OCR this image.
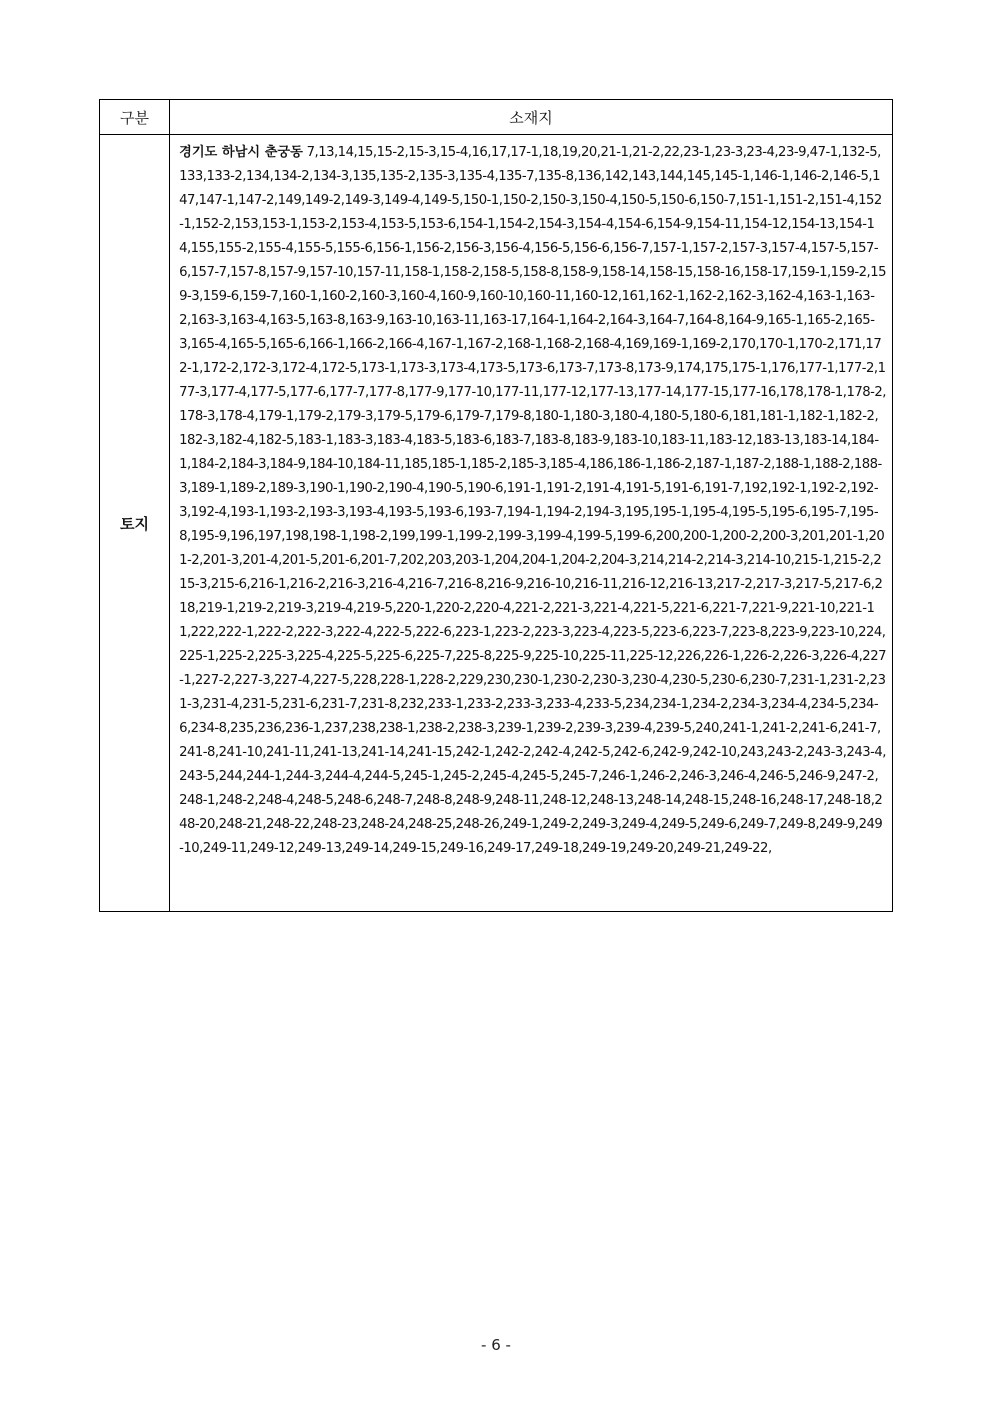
구분	소재지
토지	경기도 하남시 춘궁동 7,13,14,15,15-2,15-3,15-4,16,17,17-1,18,19,20,21-1,21-2,22,23-1,23-3,23-4,23-9,47-1,132-5,133,133-2,134,134-2,134-3,135,135-2,135-3,135-4,135-7,135-8,136,142,143,144,145,145-1,146-1,146-2,146-5,147,147-1,147-2,149,149-2,149-3,149-4,149-5,150-1,150-2,150-3,150-4,150-5,150-6,150-7,151-1,151-2,151-4,152-1,152-2,153,153-1,153-2,153-4,153-5,153-6,154-1,154-2,154-3,154-4,154-6,154-9,154-11,154-12,154-13,154-14,155,155-2,155-4,155-5,155-6,156-1,156-2,156-3,156-4,156-5,156-6,156-7,157-1,157-2,157-3,157-4,157-5,157-6,157-7,157-8,157-9,157-10,157-11,158-1,158-2,158-5,158-8,158-9,158-14,158-15,158-16,158-17,159-1,159-2,159-3,159-6,159-7,160-1,160-2,160-3,160-4,160-9,160-10,160-11,160-12,161,162-1,162-2,162-3,162-4,163-1,163-2,163-3,163-4,163-5,163-8,163-9,163-10,163-11,163-17,164-1,164-2,164-3,164-7,164-8,164-9,165-1,165-2,165-3,165-4,165-5,165-6,166-1,166-2,166-4,167-1,167-2,168-1,168-2,168-4,169,169-1,169-2,170,170-1,170-2,171,172-1,172-2,172-3,172-4,172-5,173-1,173-3,173-4,173-5,173-6,173-7,173-8,173-9,174,175,175-1,176,177-1,177-2,177-3,177-4,177-5,177-6,177-7,177-8,177-9,177-10,177-11,177-12,177-13,177-14,177-15,177-16,178,178-1,178-2,178-3,178-4,179-1,179-2,179-3,179-5,179-6,179-7,179-8,180-1,180-3,180-4,180-5,180-6,181,181-1,182-1,182-2,182-3,182-4,182-5,183-1,183-3,183-4,183-5,183-6,183-7,183-8,183-9,183-10,183-11,183-12,183-13,183-14,184-1,184-2,184-3,184-9,184-10,184-11,185,185-1,185-2,185-3,185-4,186,186-1,186-2,187-1,187-2,188-1,188-2,188-3,189-1,189-2,189-3,190-1,190-2,190-4,190-5,190-6,191-1,191-2,191-4,191-5,191-6,191-7,192,192-1,192-2,192-3,192-4,193-1,193-2,193-3,193-4,193-5,193-6,193-7,194-1,194-2,194-3,195,195-1,195-4,195-5,195-6,195-7,195-8,195-9,196,197,198,198-1,198-2,199,199-1,199-2,199-3,199-4,199-5,199-6,200,200-1,200-2,200-3,201,201-1,201-2,201-3,201-4,201-5,201-6,201-7,202,203,203-1,204,204-1,204-2,204-3,214,214-2,214-3,214-10,215-1,215-2,215-3,215-6,216-1,216-2,216-3,216-4,216-7,216-8,216-9,216-10,216-11,216-12,216-13,217-2,217-3,217-5,217-6,218,219-1,219-2,219-3,219-4,219-5,220-1,220-2,220-4,221-2,221-3,221-4,221-5,221-6,221-7,221-9,221-10,221-11,222,222-1,222-2,222-3,222-4,222-5,222-6,223-1,223-2,223-3,223-4,223-5,223-6,223-7,223-8,223-9,223-10,224,225-1,225-2,225-3,225-4,225-5,225-6,225-7,225-8,225-9,225-10,225-11,225-12,226,226-1,226-2,226-3,226-4,227-1,227-2,227-3,227-4,227-5,228,228-1,228-2,229,230,230-1,230-2,230-3,230-4,230-5,230-6,230-7,231-1,231-2,231-3,231-4,231-5,231-6,231-7,231-8,232,233-1,233-2,233-3,233-4,233-5,234,234-1,234-2,234-3,234-4,234-5,234-6,234-8,235,236,236-1,237,238,238-1,238-2,238-3,239-1,239-2,239-3,239-4,239-5,240,241-1,241-2,241-6,241-7,241-8,241-10,241-11,241-13,241-14,241-15,242-1,242-2,242-4,242-5,242-6,242-9,242-10,243,243-2,243-3,243-4,243-5,244,244-1,244-3,244-4,244-5,245-1,245-2,245-4,245-5,245-7,246-1,246-2,246-3,246-4,246-5,246-9,247-2,248-1,248-2,248-4,248-5,248-6,248-7,248-8,248-9,248-11,248-12,248-13,248-14,248-15,248-16,248-17,248-18,248-20,248-21,248-22,248-23,248-24,248-25,248-26,249-1,249-2,249-3,249-4,249-5,249-6,249-7,249-8,249-9,249-10,249-11,249-12,249-13,249-14,249-15,249-16,249-17,249-18,249-19,249-20,249-21,249-22,

- 6 -
